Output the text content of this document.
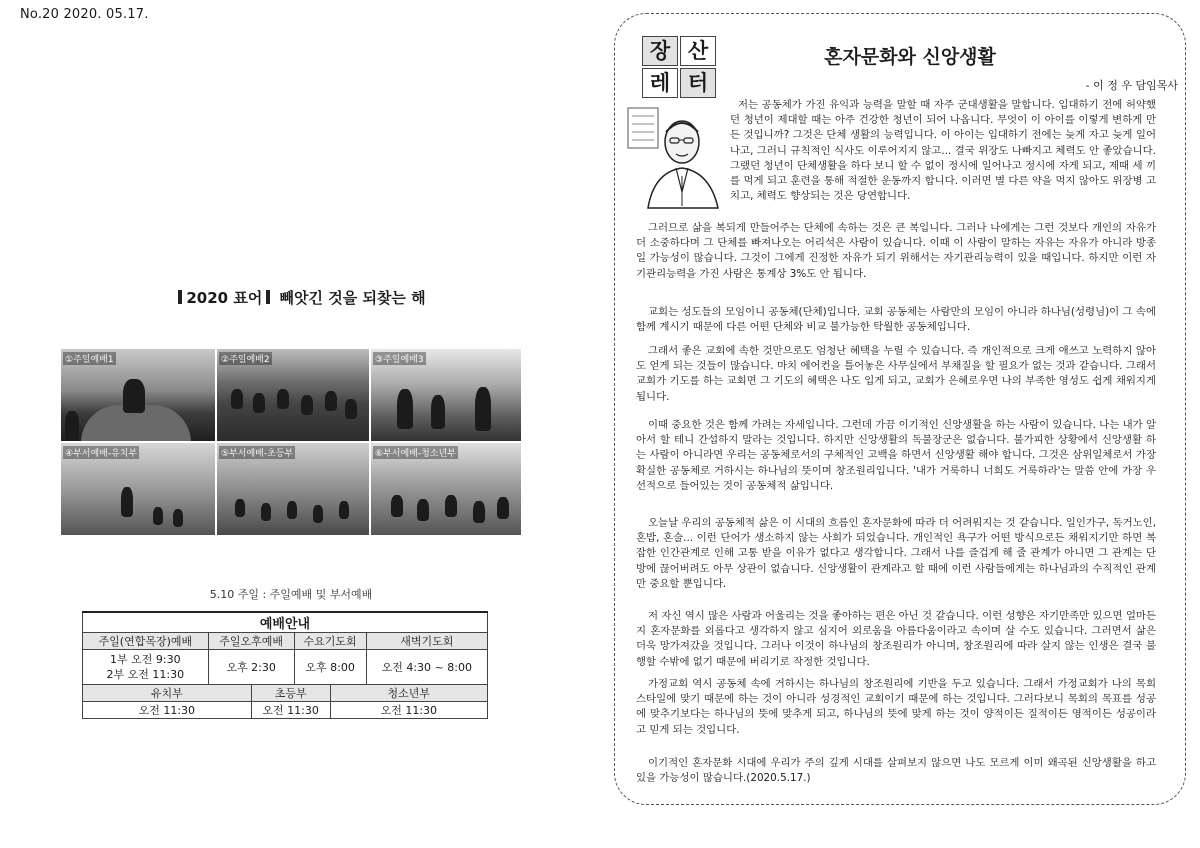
No.20 2020. 05.17.
2020 표어 빼앗긴 것을 되찾는 해
①주일예배1	②주일예배2	③주일예배3
④부서예배-유치부	⑤부서예배-초등부	⑥부서예배-청소년부
5.10 주일 : 주일예배 및 부서예배
예배안내					
주일(연합목장)예배	주일오후예배		수요기도회		새벽기도회

1부 오전 9:30
2부 오전 11:30	오후 2:30		오후 8:00		오전 4:30 ~ 8:00
유치부		초등부		청소년부	
오전 11:30		오전 11:30		오전 11:30	
장 산
레 터
혼자문화와 신앙생활
- 이 정 우 담임목사
저는 공동체가 가진 유익과 능력을 말할 때 자주 군대생활을 말합니다. 입대하기 전에 허약했던 청년이 제대할 때는 아주 건강한 청년이 되어 나옵니다. 무엇이 이 아이를 이렇게 변하게 만든 것입니까? 그것은 단체 생활의 능력입니다. 이 아이는 입대하기 전에는 늦게 자고 늦게 일어나고, 그러니 규칙적인 식사도 이루어지지 않고... 결국 위장도 나빠지고 체력도 안 좋았습니다. 그랬던 청년이 단체생활을 하다 보니 할 수 없이 정시에 일어나고 정시에 자게 되고, 제때 세 끼를 먹게 되고 훈련을 통해 적절한 운동까지 합니다. 이러면 별 다른 약을 먹지 않아도 위장병 고치고, 체력도 향상되는 것은 당연합니다.
그러므로 삶을 복되게 만들어주는 단체에 속하는 것은 큰 복입니다. 그러나 나에게는 그런 것보다 개인의 자유가 더 소중하다며 그 단체를 빠져나오는 어리석은 사람이 있습니다. 이때 이 사람이 말하는 자유는 자유가 아니라 방종일 가능성이 많습니다. 그것이 그에게 진정한 자유가 되기 위해서는 자기관리능력이 있을 때입니다. 하지만 이런 자기관리능력을 가진 사람은 통계상 3%도 안 됩니다.
교회는 성도들의 모임이니 공동체(단체)입니다. 교회 공동체는 사람만의 모임이 아니라 하나님(성령님)이 그 속에 함께 계시기 때문에 다른 어떤 단체와 비교 불가능한 탁월한 공동체입니다.
그래서 좋은 교회에 속한 것만으로도 엄청난 혜택을 누릴 수 있습니다. 즉 개인적으로 크게 애쓰고 노력하지 않아도 얻게 되는 것들이 많습니다. 마치 에어컨을 틀어놓은 사무실에서 부채질을 할 필요가 없는 것과 같습니다. 그래서 교회가 기도를 하는 교회면 그 기도의 혜택은 나도 입게 되고, 교회가 은혜로우면 나의 부족한 영성도 쉽게 채워지게 됩니다.
이때 중요한 것은 함께 가려는 자세입니다. 그런데 가끔 이기적인 신앙생활을 하는 사람이 있습니다. 나는 내가 알아서 할 테니 간섭하지 말라는 것입니다. 하지만 신앙생활의 독불장군은 없습니다. 불가피한 상황에서 신앙생활 하는 사람이 아니라면 우리는 공동체로서의 구체적인 고백을 하면서 신앙생활 해야 합니다. 그것은 삼위일체로서 가장 확실한 공동체로 거하시는 하나님의 뜻이며 창조원리입니다. '내가 거룩하니 너희도 거룩하라'는 말씀 안에 가장 우선적으로 들어있는 것이 공동체적 삶입니다.
오늘날 우리의 공동체적 삶은 이 시대의 흐름인 혼자문화에 따라 더 어려워지는 것 같습니다. 일인가구, 독거노인, 혼밥, 혼술... 이런 단어가 생소하지 않는 사회가 되었습니다. 개인적인 욕구가 어떤 방식으로든 채워지기만 하면 복잡한 인간관계로 인해 고통 받을 이유가 없다고 생각합니다. 그래서 나를 즐겁게 해 줄 관계가 아니면 그 관계는 단방에 끊어버려도 아무 상관이 없습니다. 신앙생활이 관계라고 할 때에 이런 사람들에게는 하나님과의 수직적인 관계만 중요할 뿐입니다.
저 자신 역시 많은 사람과 어울리는 것을 좋아하는 편은 아닌 것 같습니다. 이런 성향은 자기만족만 있으면 얼마든지 혼자문화를 외롭다고 생각하지 않고 심지어 외로움을 아름다움이라고 속이며 살 수도 있습니다. 그러면서 삶은 더욱 망가져갔을 것입니다. 그러나 이것이 하나님의 창조원리가 아니며, 창조원리에 따라 살지 않는 인생은 결국 불행할 수밖에 없기 때문에 버리기로 작정한 것입니다.
가정교회 역시 공동체 속에 거하시는 하나님의 창조원리에 기반을 두고 있습니다. 그래서 가정교회가 나의 목회 스타일에 맞기 때문에 하는 것이 아니라 성경적인 교회이기 때문에 하는 것입니다. 그러다보니 목회의 목표를 성공에 맞추기보다는 하나님의 뜻에 맞추게 되고, 하나님의 뜻에 맞게 하는 것이 양적이든 질적이든 영적이든 성공이라고 믿게 되는 것입니다.
이기적인 혼자문화 시대에 우리가 주의 깊게 시대를 살펴보지 않으면 나도 모르게 이미 왜곡된 신앙생활을 하고 있을 가능성이 많습니다.(2020.5.17.)
